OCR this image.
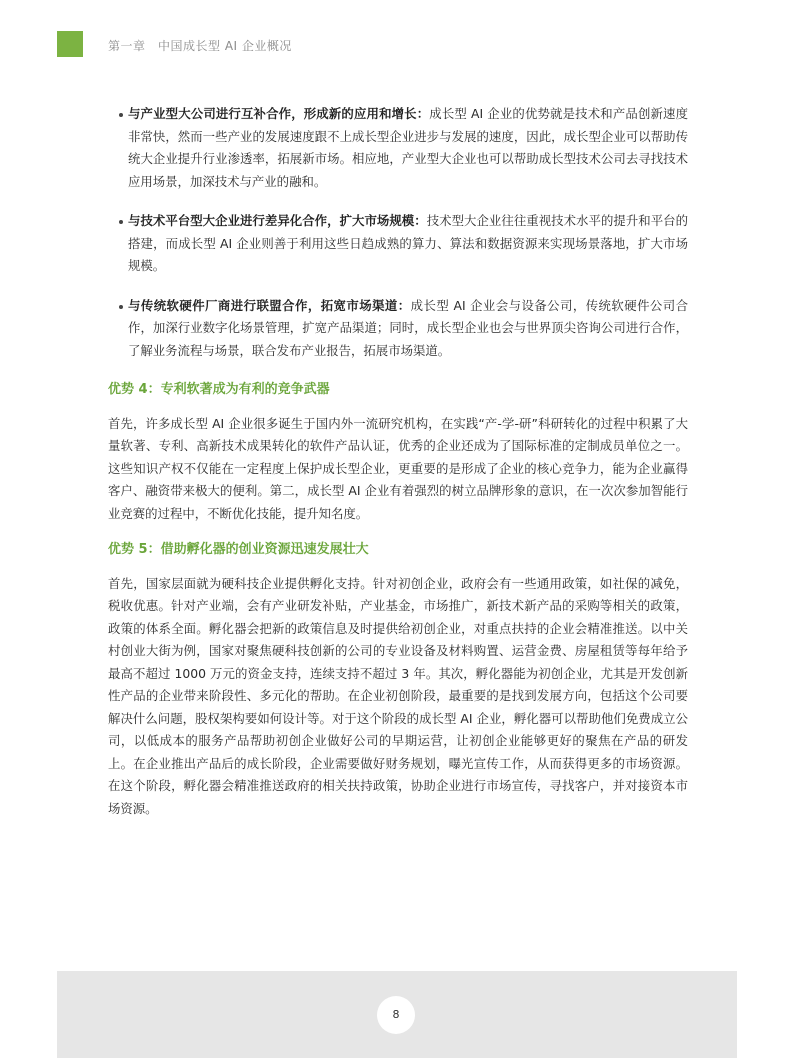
第一章　中国成长型 AI 企业概况
与产业型大公司进行互补合作，形成新的应用和增长：成长型 AI 企业的优势就是技术和产品创新速度非常快，然而一些产业的发展速度跟不上成长型企业进步与发展的速度，因此，成长型企业可以帮助传统大企业提升行业渗透率，拓展新市场。相应地，产业型大企业也可以帮助成长型技术公司去寻找技术应用场景，加深技术与产业的融和。
与技术平台型大企业进行差异化合作，扩大市场规模：技术型大企业往往重视技术水平的提升和平台的搭建，而成长型 AI 企业则善于利用这些日趋成熟的算力、算法和数据资源来实现场景落地，扩大市场规模。
与传统软硬件厂商进行联盟合作，拓宽市场渠道：成长型 AI 企业会与设备公司，传统软硬件公司合作，加深行业数字化场景管理，扩宽产品渠道；同时，成长型企业也会与世界顶尖咨询公司进行合作，了解业务流程与场景，联合发布产业报告，拓展市场渠道。
优势 4：专利软著成为有利的竞争武器

首先，许多成长型 AI 企业很多诞生于国内外一流研究机构，在实践“产-学-研”科研转化的过程中积累了大量软著、专利、高新技术成果转化的软件产品认证，优秀的企业还成为了国际标准的定制成员单位之一。这些知识产权不仅能在一定程度上保护成长型企业，更重要的是形成了企业的核心竞争力，能为企业赢得客户、融资带来极大的便利。第二，成长型 AI 企业有着强烈的树立品牌形象的意识，在一次次参加智能行业竞赛的过程中，不断优化技能，提升知名度。

优势 5：借助孵化器的创业资源迅速发展壮大

首先，国家层面就为硬科技企业提供孵化支持。针对初创企业，政府会有一些通用政策，如社保的减免，税收优惠。针对产业端，会有产业研发补贴，产业基金，市场推广，新技术新产品的采购等相关的政策，政策的体系全面。孵化器会把新的政策信息及时提供给初创企业，对重点扶持的企业会精准推送。以中关村创业大街为例，国家对聚焦硬科技创新的公司的专业设备及材料购置、运营金费、房屋租赁等每年给予最高不超过 1000 万元的资金支持，连续支持不超过 3 年。其次，孵化器能为初创企业，尤其是开发创新性产品的企业带来阶段性、多元化的帮助。在企业初创阶段，最重要的是找到发展方向，包括这个公司要解决什么问题，股权架构要如何设计等。对于这个阶段的成长型 AI 企业，孵化器可以帮助他们免费成立公司，以低成本的服务产品帮助初创企业做好公司的早期运营，让初创企业能够更好的聚焦在产品的研发上。在企业推出产品后的成长阶段，企业需要做好财务规划，曝光宣传工作，从而获得更多的市场资源。在这个阶段，孵化器会精准推送政府的相关扶持政策，协助企业进行市场宣传，寻找客户，并对接资本市场资源。

8
